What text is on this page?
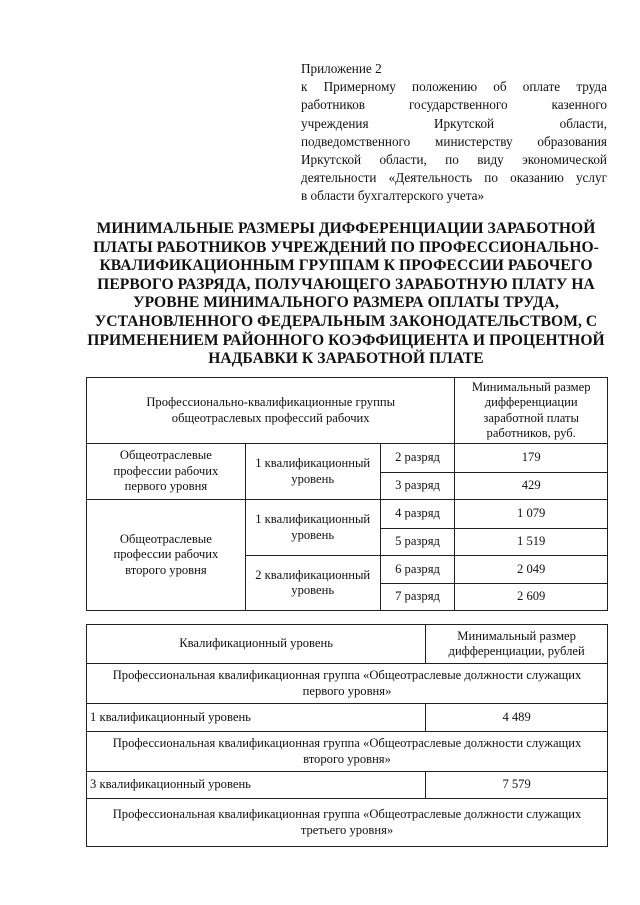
Приложение 2
к Примерному положению об оплате труда
работников государственного казенного
учреждения Иркутской области,
подведомственного министерству образования
Иркутской области, по виду экономической
деятельности «Деятельность по оказанию услуг
в области бухгалтерского учета»
МИНИМАЛЬНЫЕ РАЗМЕРЫ ДИФФЕРЕНЦИАЦИИ ЗАРАБОТНОЙ
ПЛАТЫ РАБОТНИКОВ УЧРЕЖДЕНИЙ ПО ПРОФЕССИОНАЛЬНО-
КВАЛИФИКАЦИОННЫМ ГРУППАМ К ПРОФЕССИИ РАБОЧЕГО
ПЕРВОГО РАЗРЯДА, ПОЛУЧАЮЩЕГО ЗАРАБОТНУЮ ПЛАТУ НА
УРОВНЕ МИНИМАЛЬНОГО РАЗМЕРА ОПЛАТЫ ТРУДА,
УСТАНОВЛЕННОГО ФЕДЕРАЛЬНЫМ ЗАКОНОДАТЕЛЬСТВОМ, С
ПРИМЕНЕНИЕМ РАЙОННОГО КОЭФФИЦИЕНТА И ПРОЦЕНТНОЙ
НАДБАВКИ К ЗАРАБОТНОЙ ПЛАТЕ
Профессионально-квалификационные группы общеотраслевых профессий рабочих			Минимальный размер дифференциации заработной платы работников, руб.
Общеотраслевые профессии рабочих первого уровня	1 квалификационный уровень	2 разряд	179
		3 разряд	429
Общеотраслевые профессии рабочих второго уровня	1 квалификационный уровень	4 разряд	1 079
		5 разряд	1 519
	2 квалификационный уровень	6 разряд	2 049
		7 разряд	2 609
Квалификационный уровень	Минимальный размер дифференциации, рублей
Профессиональная квалификационная группа «Общеотраслевые должности служащих первого уровня»	
1 квалификационный уровень	4 489
Профессиональная квалификационная группа «Общеотраслевые должности служащих второго уровня»	
3 квалификационный уровень	7 579
Профессиональная квалификационная группа «Общеотраслевые должности служащих третьего уровня»	
